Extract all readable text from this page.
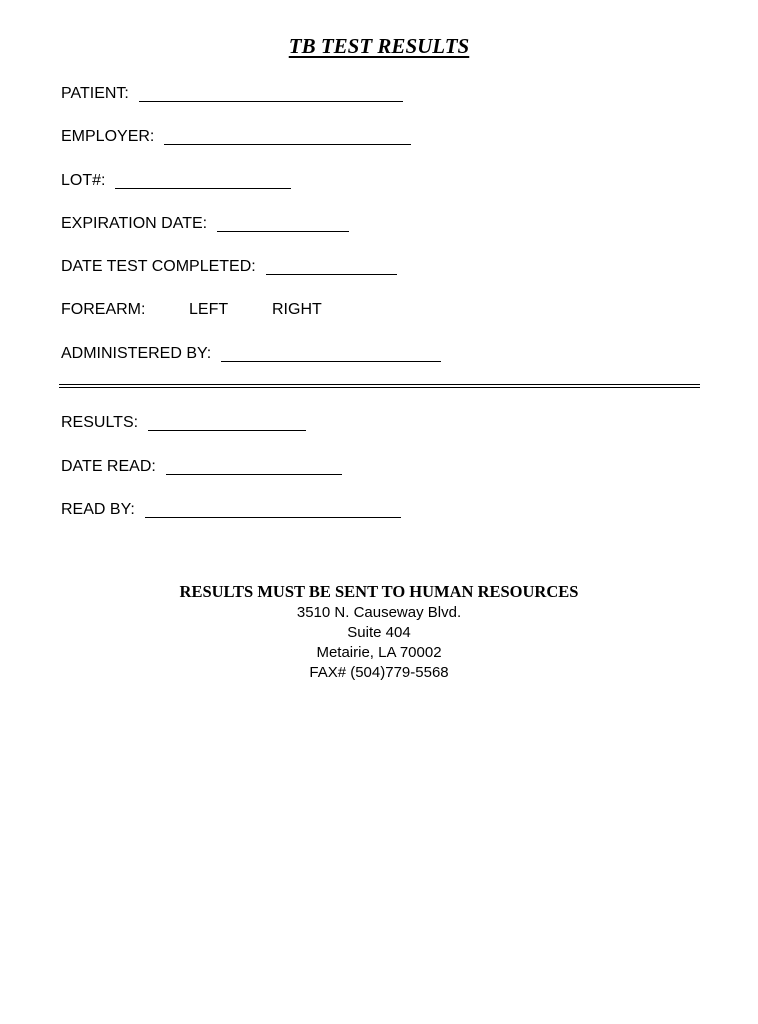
TB TEST RESULTS
PATIENT:
EMPLOYER:
LOT#:
EXPIRATION DATE:
DATE TEST COMPLETED:
FOREARM:	LEFT	RIGHT
ADMINISTERED BY:
RESULTS:
DATE READ:
READ BY:
RESULTS MUST BE SENT TO HUMAN RESOURCES
3510 N. Causeway Blvd.
Suite 404
Metairie, LA 70002
FAX# (504)779-5568
